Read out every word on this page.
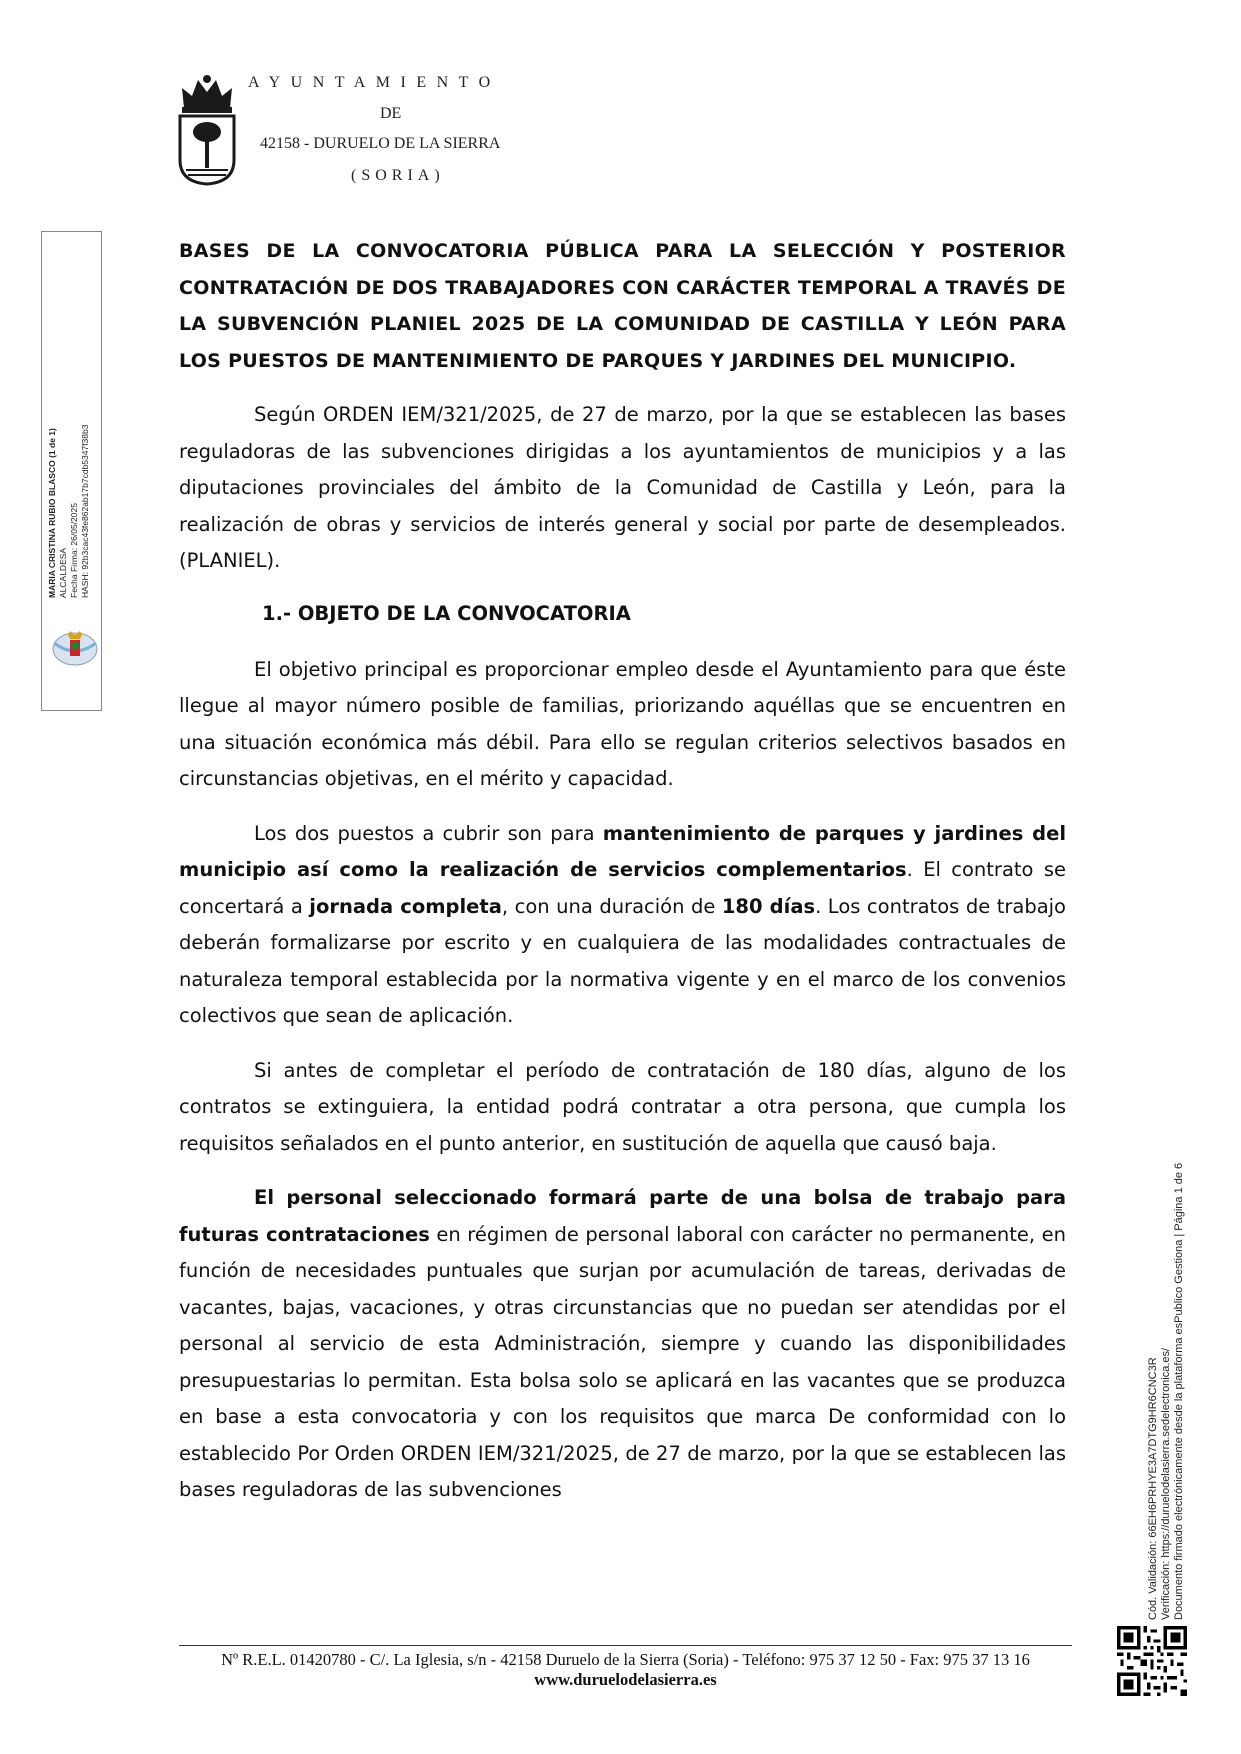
AYUNTAMIENTO
DE
42158 - DURUELO DE LA SIERRA
(SORIA)
MARIA CRISTINA RUBIO BLASCO (1 de 1) ALCALDESA Fecha Firma: 26/05/2025 HASH: 92b3cac43fe862ab17b7cdb5347f38b3
Cód. Validación: 66EH6PRHYE3A7DTG9HR6CNC3R Verificación: https://duruelodelasierra.sedelectronica.es/ Documento firmado electrónicamente desde la plataforma esPublico Gestiona | Página 1 de 6

BASES DE LA CONVOCATORIA PÚBLICA PARA LA SELECCIÓN Y POSTERIOR CONTRATACIÓN DE DOS TRABAJADORES CON CARÁCTER TEMPORAL A TRAVÉS DE LA SUBVENCIÓN PLANIEL 2025 DE LA COMUNIDAD DE CASTILLA Y LEÓN PARA LOS PUESTOS DE MANTENIMIENTO DE PARQUES Y JARDINES DEL MUNICIPIO.

Según ORDEN IEM/321/2025, de 27 de marzo, por la que se establecen las bases reguladoras de las subvenciones dirigidas a los ayuntamientos de municipios y a las diputaciones provinciales del ámbito de la Comunidad de Castilla y León, para la realización de obras y servicios de interés general y social por parte de desempleados. (PLANIEL).

1.- OBJETO DE LA CONVOCATORIA

El objetivo principal es proporcionar empleo desde el Ayuntamiento para que éste llegue al mayor número posible de familias, priorizando aquéllas que se encuentren en una situación económica más débil. Para ello se regulan criterios selectivos basados en circunstancias objetivas, en el mérito y capacidad.

Los dos puestos a cubrir son para mantenimiento de parques y jardines del municipio así como la realización de servicios complementarios. El contrato se concertará a jornada completa, con una duración de 180 días. Los contratos de trabajo deberán formalizarse por escrito y en cualquiera de las modalidades contractuales de naturaleza temporal establecida por la normativa vigente y en el marco de los convenios colectivos que sean de aplicación.

Si antes de completar el período de contratación de 180 días, alguno de los contratos se extinguiera, la entidad podrá contratar a otra persona, que cumpla los requisitos señalados en el punto anterior, en sustitución de aquella que causó baja.

El personal seleccionado formará parte de una bolsa de trabajo para futuras contrataciones en régimen de personal laboral con carácter no permanente, en función de necesidades puntuales que surjan por acumulación de tareas, derivadas de vacantes, bajas, vacaciones, y otras circunstancias que no puedan ser atendidas por el personal al servicio de esta Administración, siempre y cuando las disponibilidades presupuestarias lo permitan. Esta bolsa solo se aplicará en las vacantes que se produzca en base a esta convocatoria y con los requisitos que marca De conformidad con lo establecido Por Orden ORDEN IEM/321/2025, de 27 de marzo, por la que se establecen las bases reguladoras de las subvenciones

Nº R.E.L. 01420780 - C/. La Iglesia, s/n - 42158 Duruelo de la Sierra (Soria) - Teléfono: 975 37 12 50 - Fax: 975 37 13 16
www.duruelodelasierra.es
